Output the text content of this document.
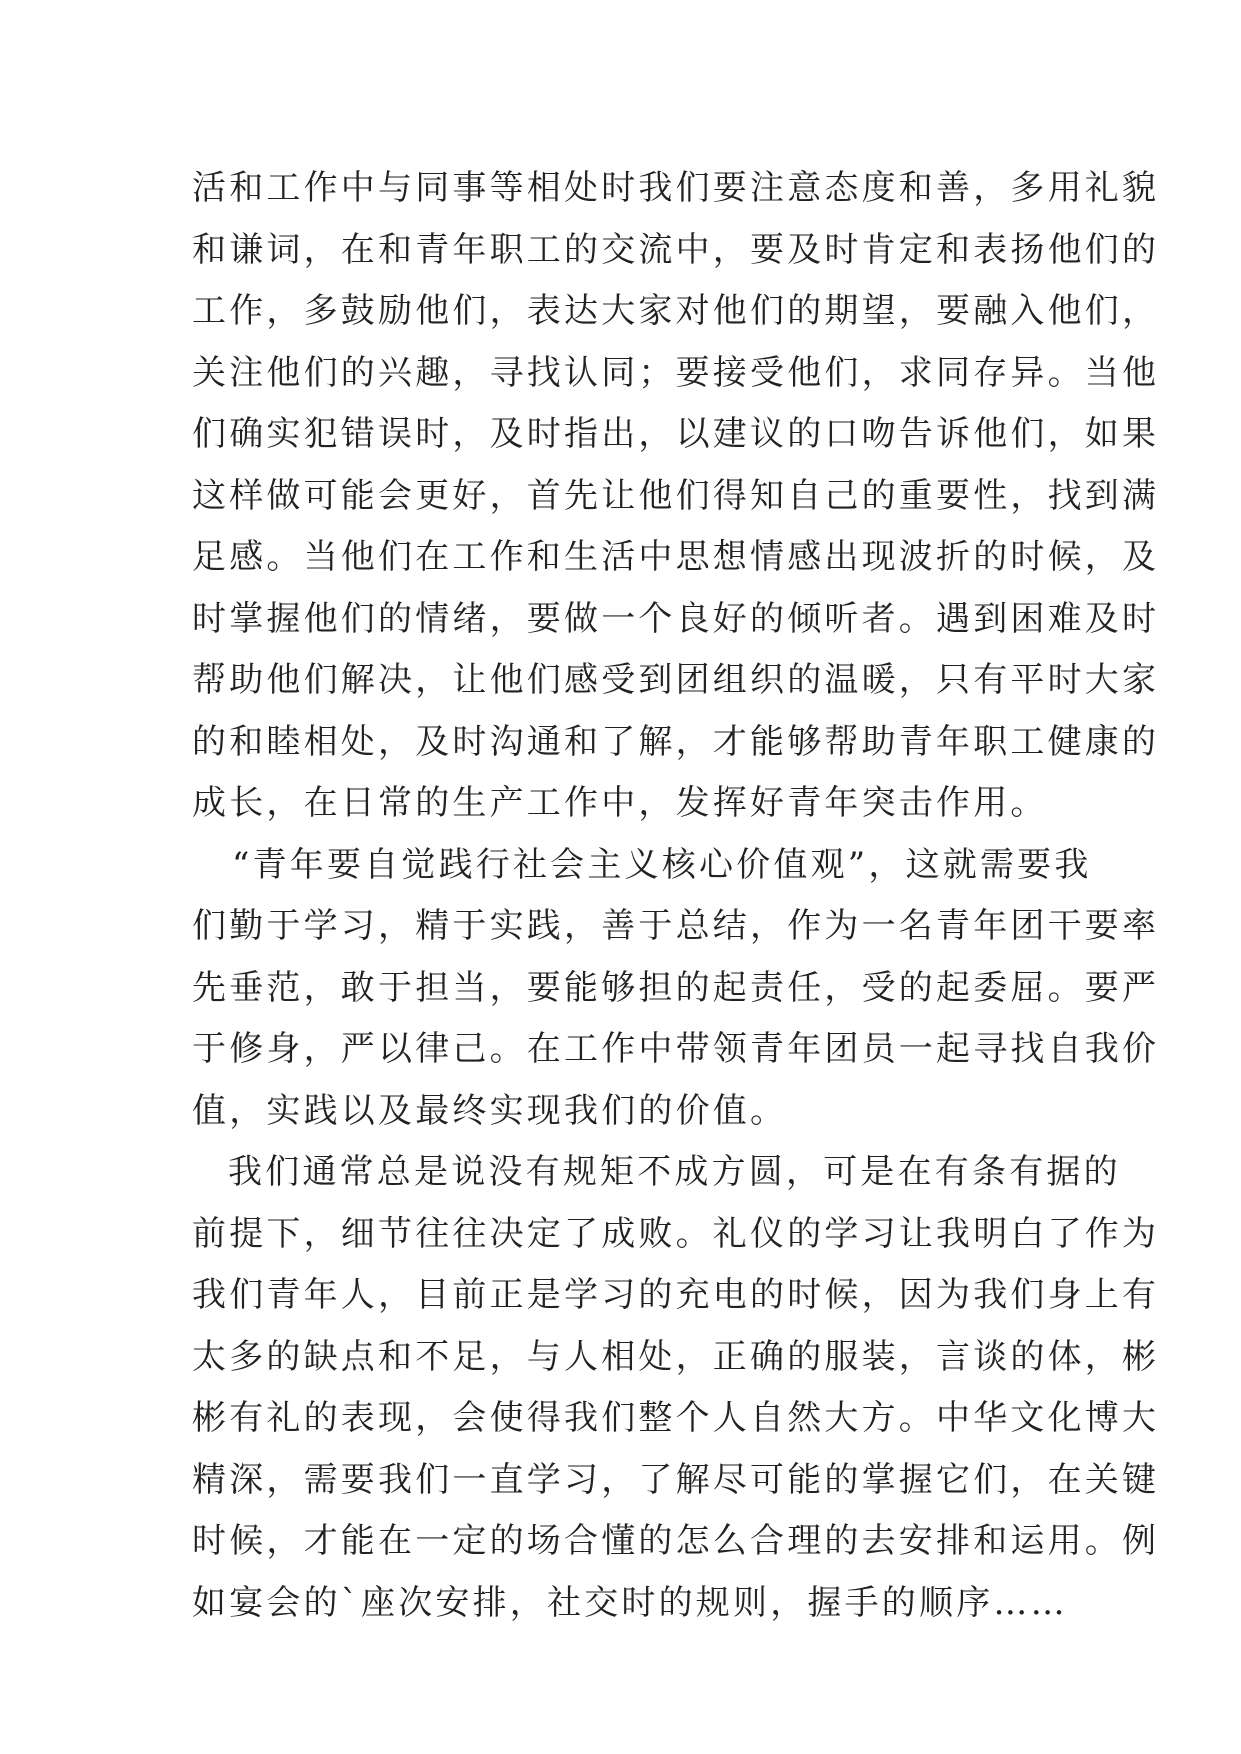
活和工作中与同事等相处时我们要注意态度和善，多用礼貌
和谦词，在和青年职工的交流中，要及时肯定和表扬他们的
工作，多鼓励他们，表达大家对他们的期望，要融入他们，
关注他们的兴趣，寻找认同；要接受他们，求同存异。当他
们确实犯错误时，及时指出，以建议的口吻告诉他们，如果
这样做可能会更好，首先让他们得知自己的重要性，找到满
足感。当他们在工作和生活中思想情感出现波折的时候，及
时掌握他们的情绪，要做一个良好的倾听者。遇到困难及时
帮助他们解决，让他们感受到团组织的温暖，只有平时大家
的和睦相处，及时沟通和了解，才能够帮助青年职工健康的
成长，在日常的生产工作中，发挥好青年突击作用。
“青年要自觉践行社会主义核心价值观”，这就需要我
们勤于学习，精于实践，善于总结，作为一名青年团干要率
先垂范，敢于担当，要能够担的起责任，受的起委屈。要严
于修身，严以律己。在工作中带领青年团员一起寻找自我价
值，实践以及最终实现我们的价值。
我们通常总是说没有规矩不成方圆，可是在有条有据的
前提下，细节往往决定了成败。礼仪的学习让我明白了作为
我们青年人，目前正是学习的充电的时候，因为我们身上有
太多的缺点和不足，与人相处，正确的服装，言谈的体，彬
彬有礼的表现，会使得我们整个人自然大方。中华文化博大
精深，需要我们一直学习，了解尽可能的掌握它们，在关键
时候，才能在一定的场合懂的怎么合理的去安排和运用。例
如宴会的`座次安排，社交时的规则，握手的顺序……
